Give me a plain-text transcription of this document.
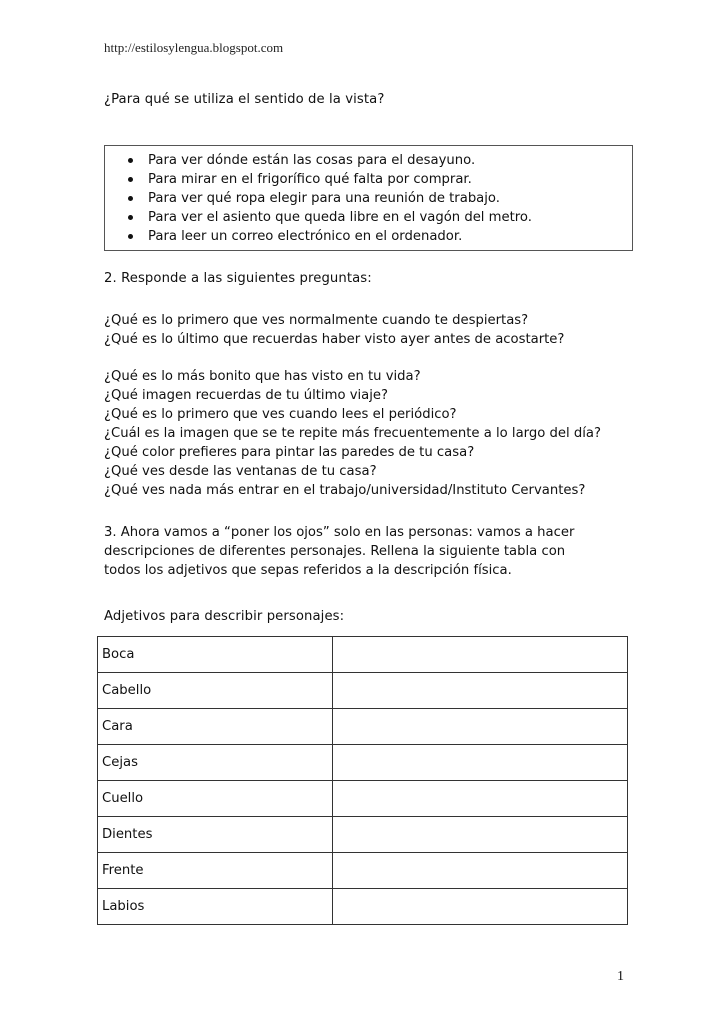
http://estilosylengua.blogspot.com
¿Para qué se utiliza el sentido de la vista?
Para ver dónde están las cosas para el desayuno.
Para mirar en el frigorífico qué falta por comprar.
Para ver qué ropa elegir para una reunión de trabajo.
Para ver el asiento que queda libre en el vagón del metro.
Para leer un correo electrónico en el ordenador.
2. Responde a las siguientes preguntas:
¿Qué es lo primero que ves normalmente cuando te despiertas?
¿Qué es lo último que recuerdas haber visto ayer antes de acostarte?
¿Qué es lo más bonito que has visto en tu vida?
¿Qué imagen recuerdas de tu último viaje?
¿Qué es lo primero que ves cuando lees el periódico?
¿Cuál es la imagen que se te repite más frecuentemente a lo largo del día?
¿Qué color prefieres para pintar las paredes de tu casa?
¿Qué ves desde las ventanas de tu casa?
¿Qué ves nada más entrar en el trabajo/universidad/Instituto Cervantes?
3. Ahora vamos a “poner los ojos” solo en las personas: vamos a hacer
descripciones de diferentes personajes. Rellena la siguiente tabla con
todos los adjetivos que sepas referidos a la descripción física.
Adjetivos para describir personajes:
Boca	
Cabello	
Cara	
Cejas	
Cuello	
Dientes	
Frente	
Labios	
1
